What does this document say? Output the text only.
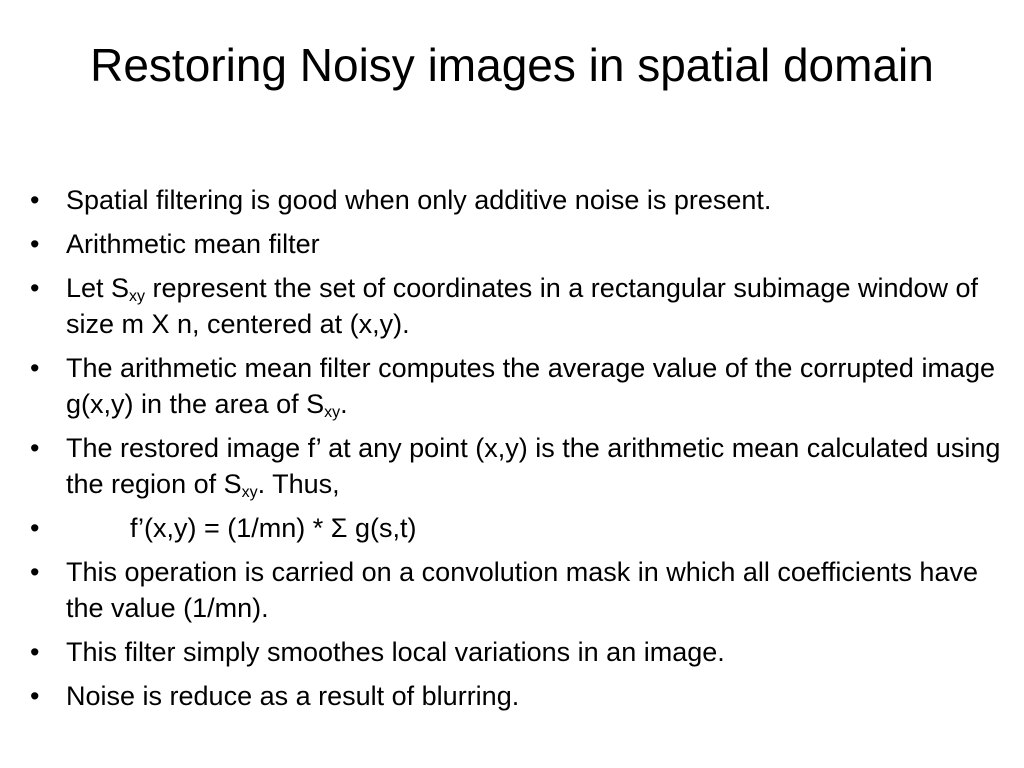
Restoring Noisy images in spatial domain
• Spatial filtering is good when only additive noise is present.
• Arithmetic mean filter
• Let $S_{xy}$ represent the set of coordinates in a rectangular subimage window of size m X n, centered at (x,y).
• The arithmetic mean filter computes the average value of the corrupted image g(x,y) in the area of $S_{xy}$.
• The restored image f’ at any point (x,y) is the arithmetic mean calculated using the region of $S_{xy}$. Thus,
•	f’(x,y) = (1/mn) * Σ g(s,t)
• This operation is carried on a convolution mask in which all coefficients have the value (1/mn).
• This filter simply smoothes local variations in an image.
• Noise is reduce as a result of blurring.
